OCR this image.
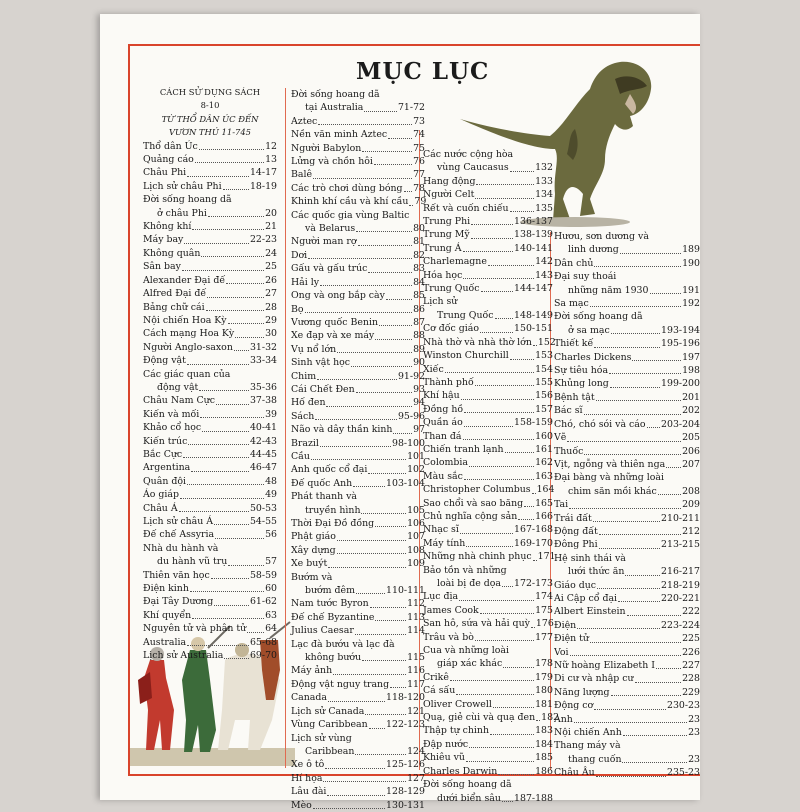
MỤC LỤC
CÁCH SỬ DỤNG SÁCH
8-10
TỪ THỔ DÂN ÚC ĐẾN
VƯƠN THÚ 11-745
Thổ dân Úc	12
Quảng cáo	13
Châu Phi	14-17
Lịch sử châu Phi	18-19
Đời sống hoang dã
ở châu Phi	20
Không khí	21
Máy bay	22-23
Không quân	24
Sân bay	25
Alexander Đại đế	26
Alfred Đại đế	27
Bảng chữ cái	28
Nội chiến Hoa Kỳ	29
Cách mạng Hoa Kỳ	30
Người Anglo-saxon 31-32
Động vật	33-34
Các giác quan của
động vật	35-36
Châu Nam Cực	37-38
Kiến và mối	39
Khảo cổ học	40-41
Kiến trúc	42-43
Bắc Cực	44-45
Argentina	46-47
Quân đội	48
Áo giáp	49
Châu Á	50-53
Lịch sử châu Á	54-55
Đế chế Assyria	56
Nhà du hành và
du hành vũ trụ	57
Thiên văn học	58-59
Điện kinh	60
Đại Tây Dương	61-62
Khí quyển	63
Nguyên tử và phân tử 64
Australia	65-68
Lịch sử Australia	69-70
Đời sống hoang dã
tại Australia	71-72
Aztec	73
Nền văn minh Aztec	74
Người Babylon	75
Lửng và chồn hôi	76
Balê	77
Các trò chơi dùng bóng 78
Khinh khí cầu và khí cầu 79
Các quốc gia vùng Baltic
và Belarus	80
Người man rợ	81
Dơi	82
Gấu và gấu trúc	83
Hải ly	84
Ong và ong bắp cày	85
Bọ	86
Vương quốc Benin	87
Xe đạp và xe máy	88
Vụ nổ lớn	89
Sinh vật học	90
Chim	91-92
Cái Chết Đen	93
Hố đen	94
Sách	95-96
Não và dây thần kinh 97
Brazil	98-100
Cầu	101
Anh quốc cổ đại	102
Đế quốc Anh	103-104
Phát thanh và
truyền hình	105
Thời Đại Đồ đồng	106
Phật giáo	107
Xây dựng	108
Xe buýt	109
Bướm và
bướm đêm	110-111
Nam tước Byron	112
Đế chế Byzantine	113
Julius Caesar	114
Lạc đà bướu và lạc đà
không bướu	115
Máy ảnh	116
Động vật nguy trang 117
Canada	118-120
Lịch sử Canada	121
Vùng Caribbean 122-123
Lịch sử vùng
Caribbean	124
Xe ô tô	125-126
Hí họa	127
Lâu đài	128-129
Mèo	130-131
Các nước cộng hòa
vùng Caucasus	132
Hang động	133
Người Celt	134
Rết và cuốn chiếu	135
Trung Phi	136-137
Trung Mỹ	138-139
Trung Á	140-141
Charlemagne	142
Hóa học	143
Trung Quốc	144-147
Lịch sử
Trung Quốc 148-149
Cơ đốc giáo	150-151
Nhà thờ và nhà thờ lớn 152
Winston Churchill	153
Xiếc	154
Thành phố	155
Khí hậu	156
Đồng hồ	157
Quần áo	158-159
Than đá	160
Chiến tranh lạnh	161
Colombia	162
Màu sắc	163
Christopher Columbus 164
Sao chổi và sao băng 165
Chủ nghĩa cộng sản 166
Nhạc sĩ	167-168
Máy tính	169-170
Những nhà chinh phục 171
Bảo tồn và những
loài bị đe dọa 172-173
Lục địa	174
James Cook	175
San hô, sứa và hải quỳ 176
Trâu và bò	177
Cua và những loài
giáp xác khác	178
Crikê	179
Cá sấu	180
Oliver Crowell	181
Quạ, giẻ cùi và quạ đen 182
Thập tự chinh	183
Đập nước	184
Khiêu vũ	185
Charles Darwin	186
Đời sống hoang dã
dưới biển sâu 187-188
Hươu, sơn dương và
linh dương	189
Dân chủ	190
Đại suy thoái
những năm 1930	191
Sa mạc	192
Đời sống hoang dã
ở sa mạc	193-194
Thiết kế	195-196
Charles Dickens	197
Sự tiêu hóa	198
Khủng long	199-200
Bệnh tật	201
Bác sĩ	202
Chó, chó sói và cáo 203-204
Vẽ	205
Thuốc	206
Vịt, ngỗng và thiên nga 207
Đại bàng và những loài
chim săn mồi khác	208
Tai	209
Trái đất	210-211
Động đất	212
Đông Phi	213-215
Hệ sinh thái và
lưới thức ăn	216-217
Giáo dục	218-219
Ai Cập cổ đại	220-221
Albert Einstein	222
Điện	223-224
Điện tử	225
Voi	226
Nữ hoàng Elizabeth I	227
Di cư và nhập cư	228
Năng lượng	229
Động cơ	230-23
Anh	23
Nội chiến Anh	23
Thang máy và
thang cuốn	23
Châu Âu	235-23
